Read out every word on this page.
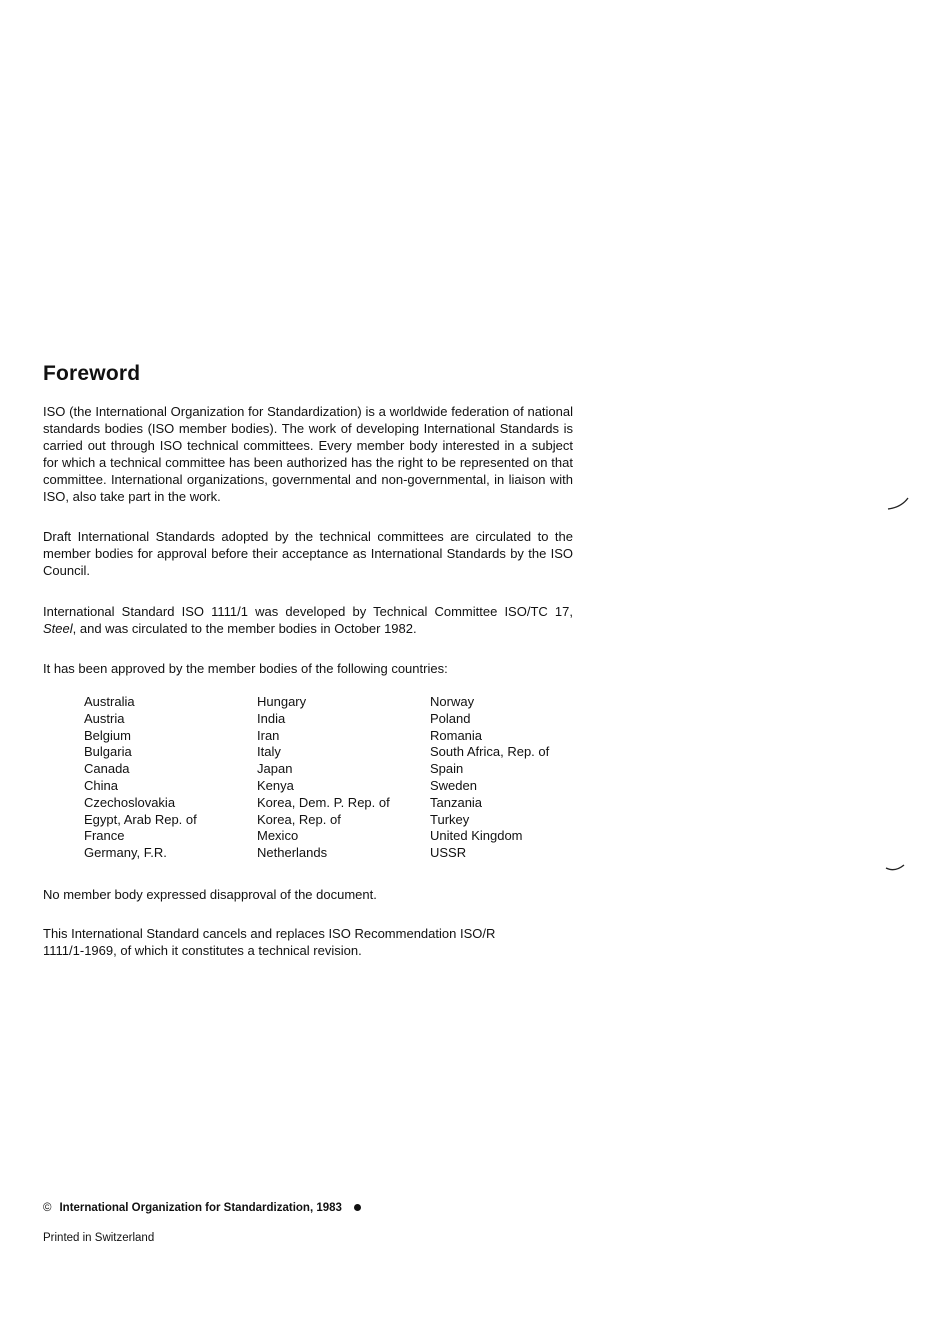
Foreword

ISO (the International Organization for Standardization) is a worldwide federation of national standards bodies (ISO member bodies). The work of developing International Standards is carried out through ISO technical committees. Every member body interested in a subject for which a technical committee has been authorized has the right to be represented on that committee. International organizations, governmental and non-governmental, in liaison with ISO, also take part in the work.

Draft International Standards adopted by the technical committees are circulated to the member bodies for approval before their acceptance as International Standards by the ISO Council.

International Standard ISO 1111/1 was developed by Technical Committee ISO/TC 17, Steel, and was circulated to the member bodies in October 1982.

It has been approved by the member bodies of the following countries:

Australia
Austria
Belgium
Bulgaria
Canada
China
Czechoslovakia
Egypt, Arab Rep. of
France
Germany, F.R.
Hungary
India
Iran
Italy
Japan
Kenya
Korea, Dem. P. Rep. of
Korea, Rep. of
Mexico
Netherlands
Norway
Poland
Romania
South Africa, Rep. of
Spain
Sweden
Tanzania
Turkey
United Kingdom
USSR

No member body expressed disapproval of the document.

This International Standard cancels and replaces ISO Recommendation ISO/R 1111/1-1969, of which it constitutes a technical revision.

© International Organization for Standardization, 1983
Printed in Switzerland
